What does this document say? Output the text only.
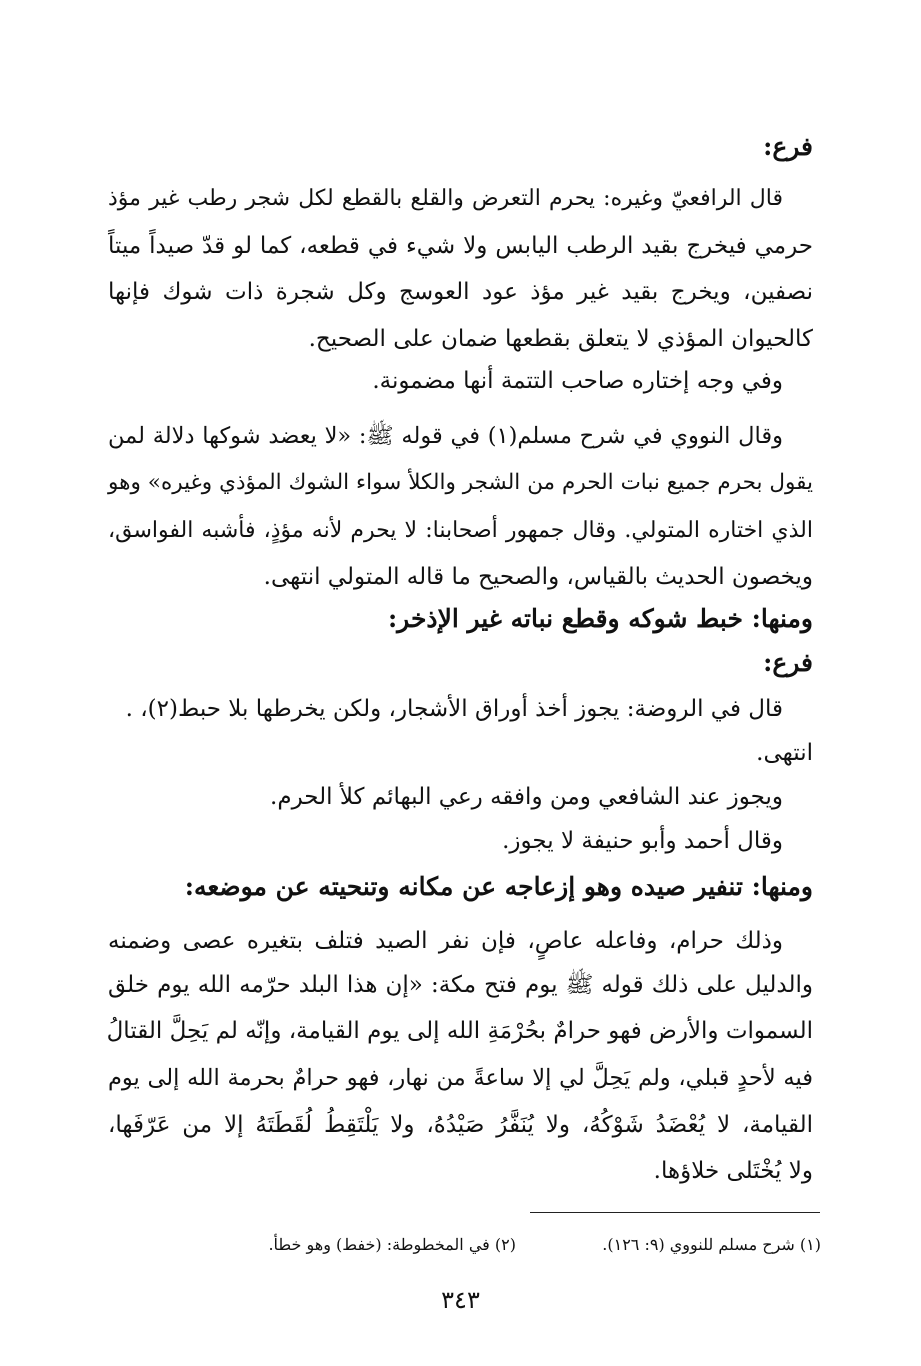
فرع:
قال الرافعيّ وغيره: يحرم التعرض والقلع بالقطع لكل شجر رطب غير مؤذ
حرمي فيخرج بقيد الرطب اليابس ولا شيء في قطعه، كما لو قدّ صيداً ميتاً
نصفين، ويخرج بقيد غير مؤذ عود العوسج وكل شجرة ذات شوك فإنها
كالحيوان المؤذي لا يتعلق بقطعها ضمان على الصحيح.
وفي وجه إختاره صاحب التتمة أنها مضمونة.
وقال النووي في شرح مسلم(١) في قوله ﷺ: «لا يعضد شوكها دلالة لمن
يقول بحرم جميع نبات الحرم من الشجر والكلأ سواء الشوك المؤذي وغيره» وهو
الذي اختاره المتولي. وقال جمهور أصحابنا: لا يحرم لأنه مؤذٍ، فأشبه الفواسق،
ويخصون الحديث بالقياس، والصحيح ما قاله المتولي انتهى.
ومنها: خبط شوكه وقطع نباته غير الإذخر:
فرع:
قال في الروضة: يجوز أخذ أوراق الأشجار، ولكن يخرطها بلا حبط(٢)، .
انتهى.
ويجوز عند الشافعي ومن وافقه رعي البهائم كلأ الحرم.
وقال أحمد وأبو حنيفة لا يجوز.
ومنها: تنفير صيده وهو إزعاجه عن مكانه وتنحيته عن موضعه:
وذلك حرام، وفاعله عاصٍ، فإن نفر الصيد فتلف بتغيره عصى وضمنه
والدليل على ذلك قوله ﷺ يوم فتح مكة: «إن هذا البلد حرّمه الله يوم خلق
السموات والأرض فهو حرامٌ بحُرْمَةِ الله إلى يوم القيامة، وإنّه لم يَحِلَّ القتالُ
فيه لأحدٍ قبلي، ولم يَحِلَّ لي إلا ساعةً من نهار، فهو حرامٌ بحرمة الله إلى يوم
القيامة، لا يُعْضَدُ شَوْكُهُ، ولا يُنَفَّرُ صَيْدُهُ، ولا يَلْتَقِطُ لُقَطَتَهُ إلا من عَرّفَها،
ولا يُخْتَلى خلاؤها.
(١) شرح مسلم للنووي (٩: ١٢٦).
(٢) في المخطوطة: (خفط) وهو خطأ.
٣٤٣
